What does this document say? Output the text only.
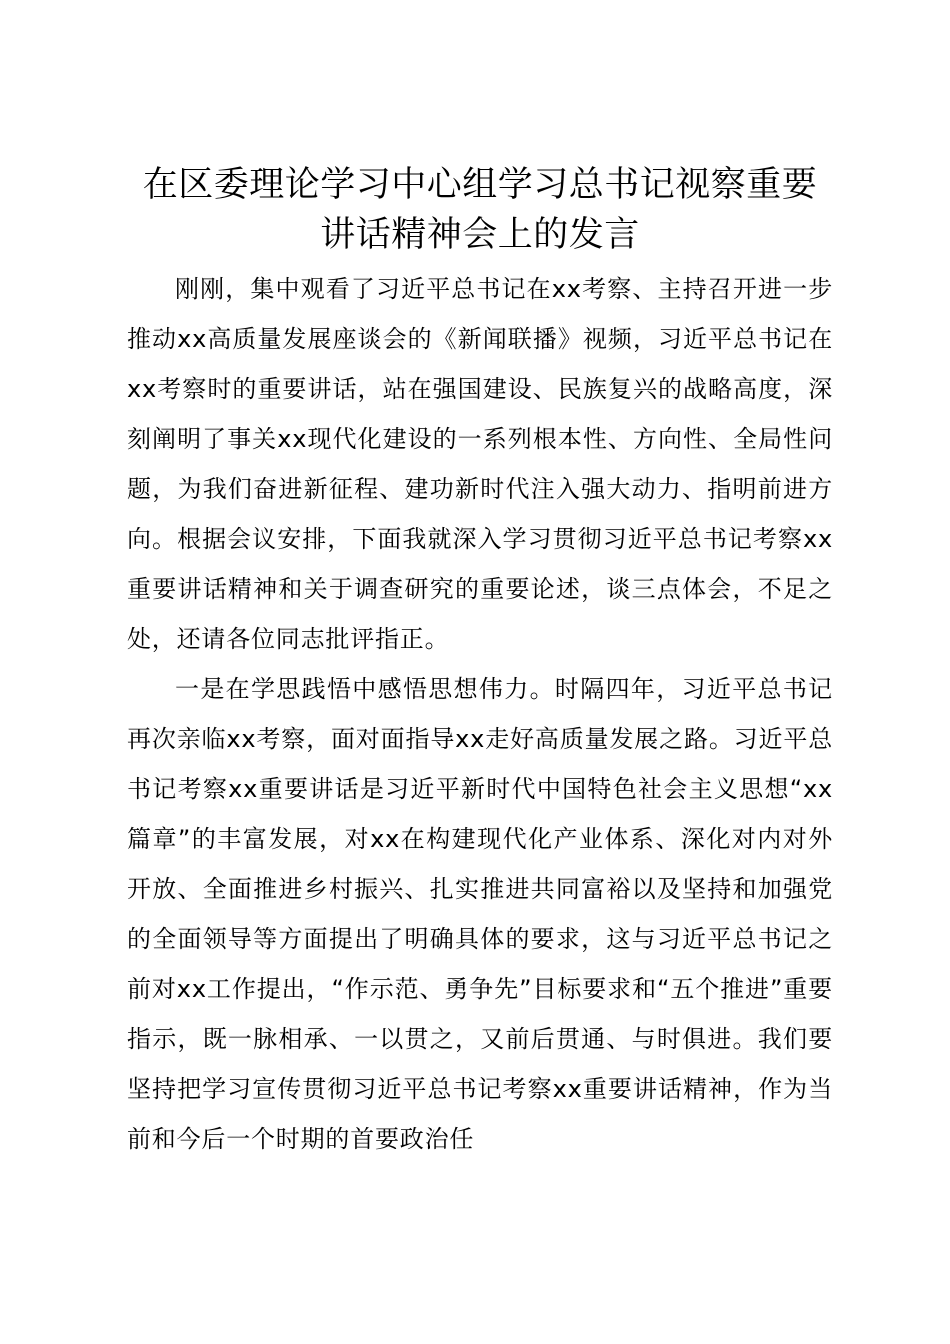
在区委理论学习中心组学习总书记视察重要讲话精神会上的发言

刚刚，集中观看了习近平总书记在xx考察、主持召开进一步推动xx高质量发展座谈会的《新闻联播》视频，习近平总书记在xx考察时的重要讲话，站在强国建设、民族复兴的战略高度，深刻阐明了事关xx现代化建设的一系列根本性、方向性、全局性问题，为我们奋进新征程、建功新时代注入强大动力、指明前进方向。根据会议安排，下面我就深入学习贯彻习近平总书记考察xx重要讲话精神和关于调查研究的重要论述，谈三点体会，不足之处，还请各位同志批评指正。

一是在学思践悟中感悟思想伟力。时隔四年，习近平总书记再次亲临xx考察，面对面指导xx走好高质量发展之路。习近平总书记考察xx重要讲话是习近平新时代中国特色社会主义思想“xx篇章”的丰富发展，对xx在构建现代化产业体系、深化对内对外开放、全面推进乡村振兴、扎实推进共同富裕以及坚持和加强党的全面领导等方面提出了明确具体的要求，这与习近平总书记之前对xx工作提出，“作示范、勇争先”目标要求和“五个推进”重要指示，既一脉相承、一以贯之，又前后贯通、与时俱进。我们要坚持把学习宣传贯彻习近平总书记考察xx重要讲话精神，作为当前和今后一个时期的首要政治任
